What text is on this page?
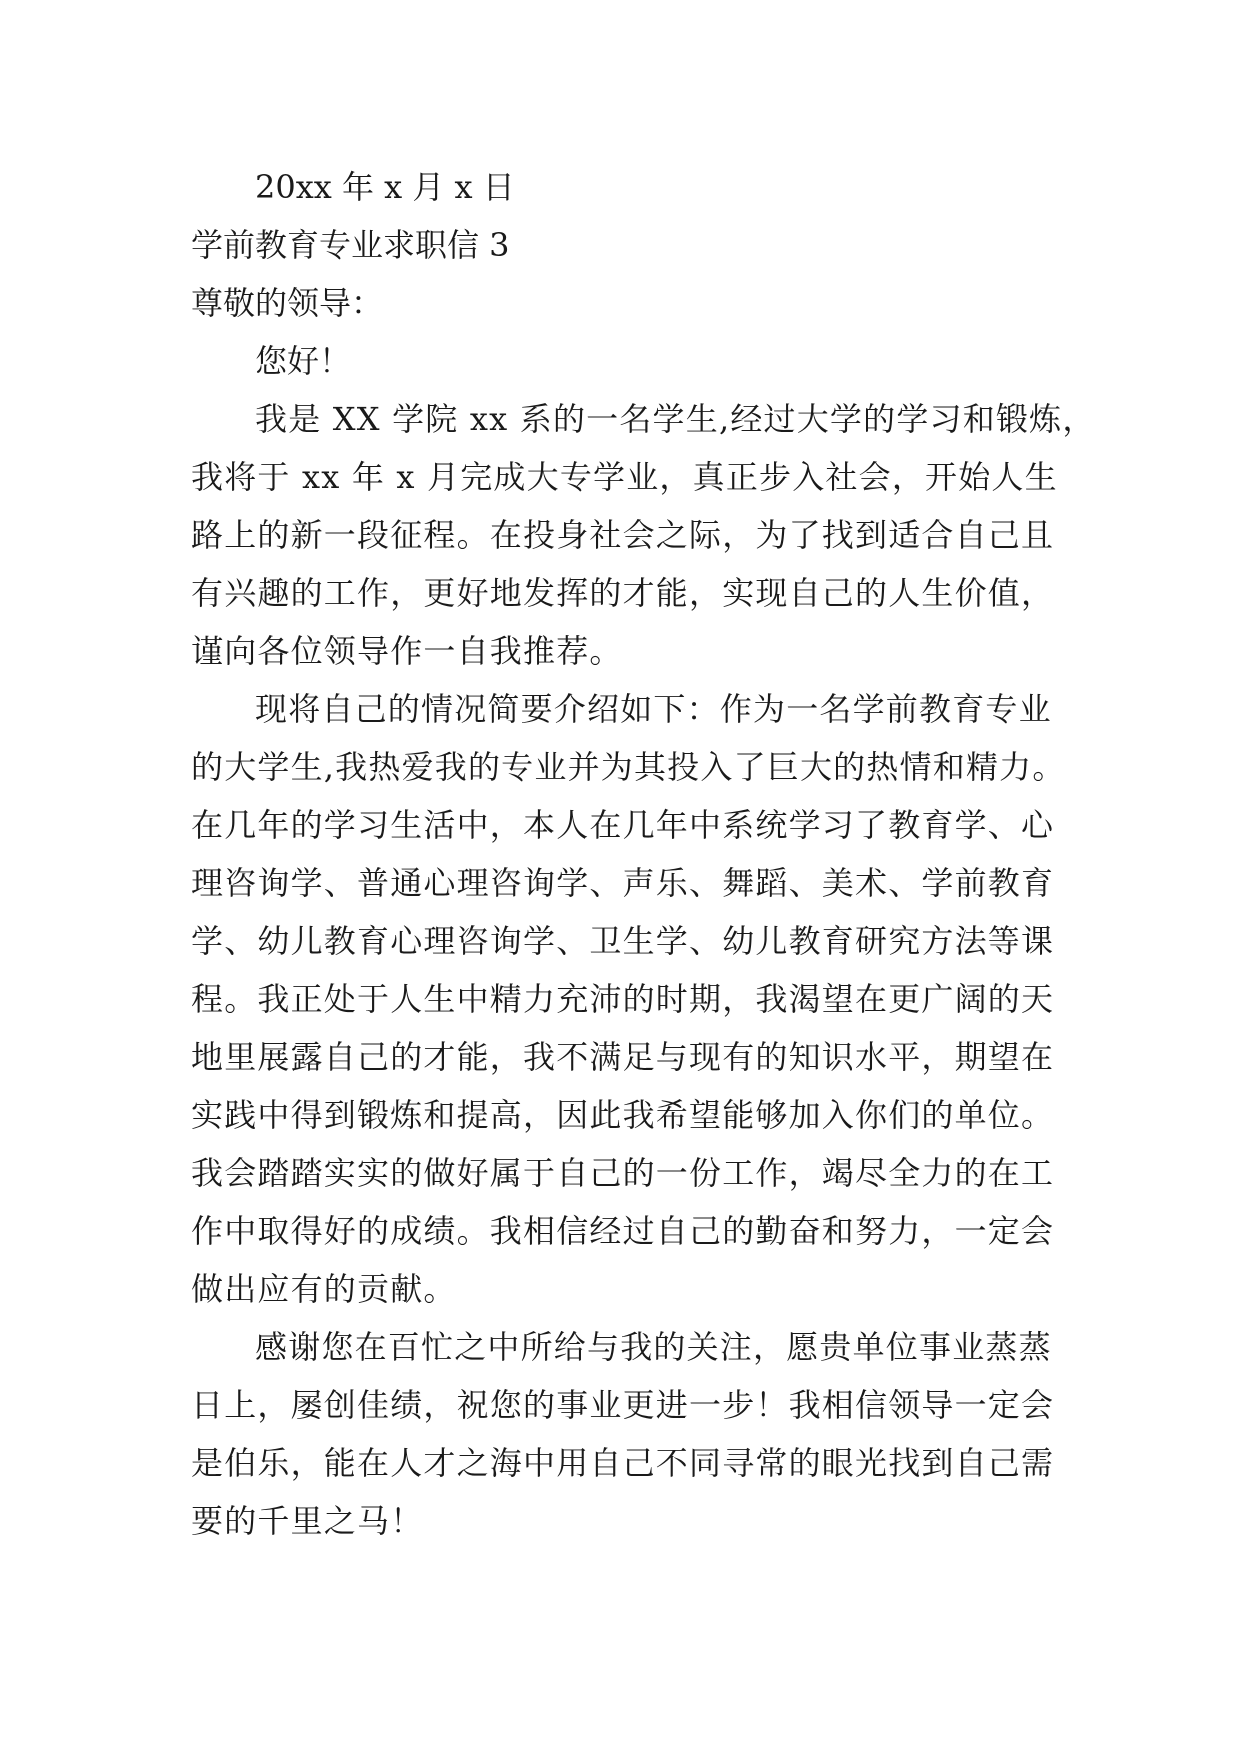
20xx 年 x 月 x 日
学前教育专业求职信 3
尊敬的领导：
您好！
我是 XX 学院 xx 系的一名学生,经过大学的学习和锻炼，
我将于 xx 年 x 月完成大专学业，真正步入社会，开始人生
路上的新一段征程。在投身社会之际，为了找到适合自己且
有兴趣的工作，更好地发挥的才能，实现自己的人生价值，
谨向各位领导作一自我推荐。
现将自己的情况简要介绍如下：作为一名学前教育专业
的大学生,我热爱我的专业并为其投入了巨大的热情和精力。
在几年的学习生活中，本人在几年中系统学习了教育学、心
理咨询学、普通心理咨询学、声乐、舞蹈、美术、学前教育
学、幼儿教育心理咨询学、卫生学、幼儿教育研究方法等课
程。我正处于人生中精力充沛的时期，我渴望在更广阔的天
地里展露自己的才能，我不满足与现有的知识水平，期望在
实践中得到锻炼和提高，因此我希望能够加入你们的单位。
我会踏踏实实的做好属于自己的一份工作，竭尽全力的在工
作中取得好的成绩。我相信经过自己的勤奋和努力，一定会
做出应有的贡献。
感谢您在百忙之中所给与我的关注，愿贵单位事业蒸蒸
日上，屡创佳绩，祝您的事业更进一步！我相信领导一定会
是伯乐，能在人才之海中用自己不同寻常的眼光找到自己需
要的千里之马！
